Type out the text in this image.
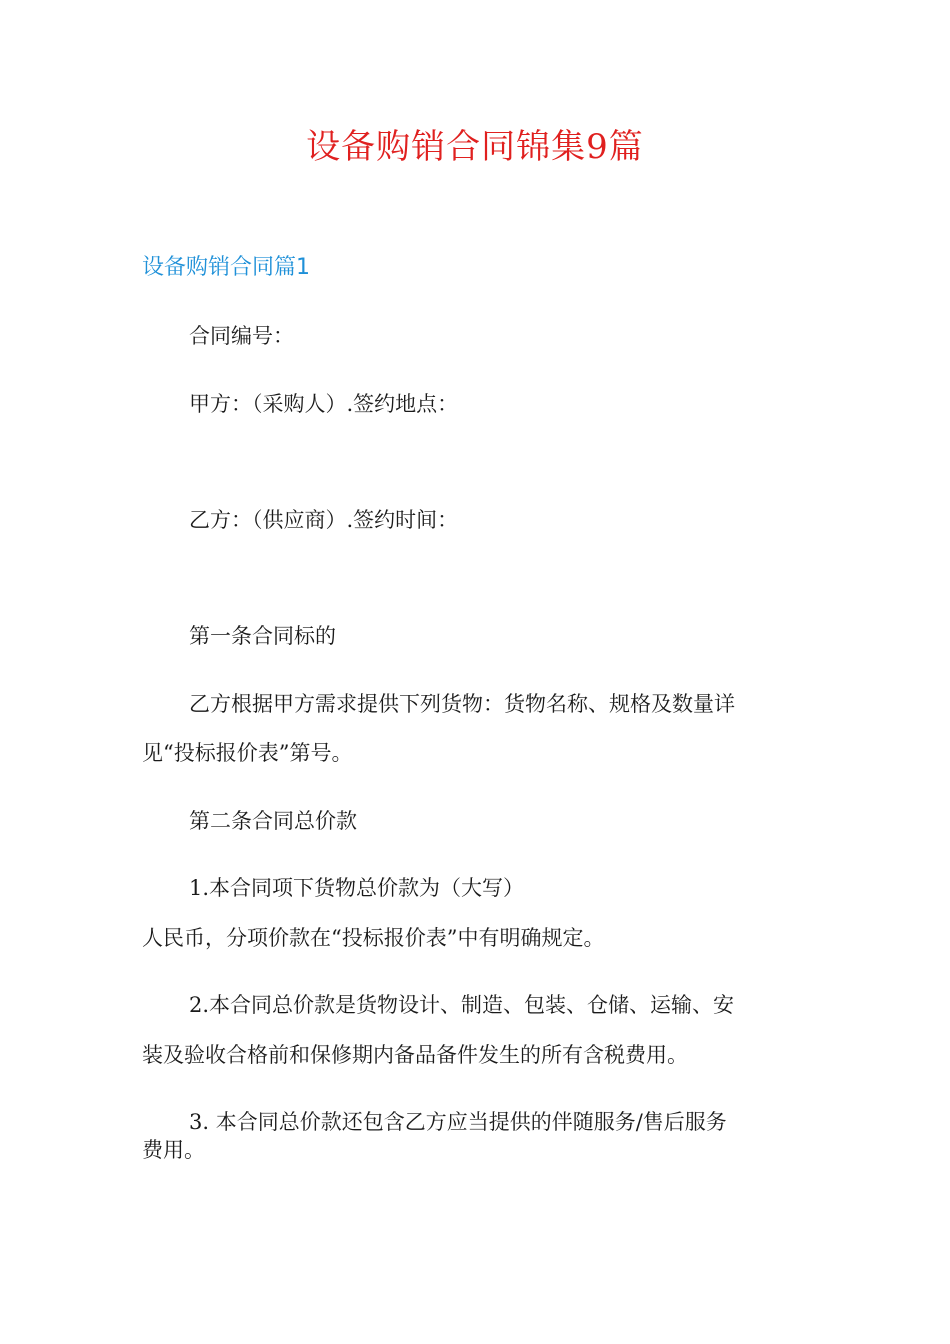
设备购销合同锦集9篇
设备购销合同篇1

合同编号：

甲方：（采购人）.签约地点：

乙方：（供应商）.签约时间：

第一条合同标的

乙方根据甲方需求提供下列货物：货物名称、规格及数量详

见“投标报价表”第号。

第二条合同总价款

1.本合同项下货物总价款为（大写）

人民币，分项价款在“投标报价表”中有明确规定。

2.本合同总价款是货物设计、制造、包装、仓储、运输、安

装及验收合格前和保修期内备品备件发生的所有含税费用。

3. 本合同总价款还包含乙方应当提供的伴随服务/售后服务

费用。
